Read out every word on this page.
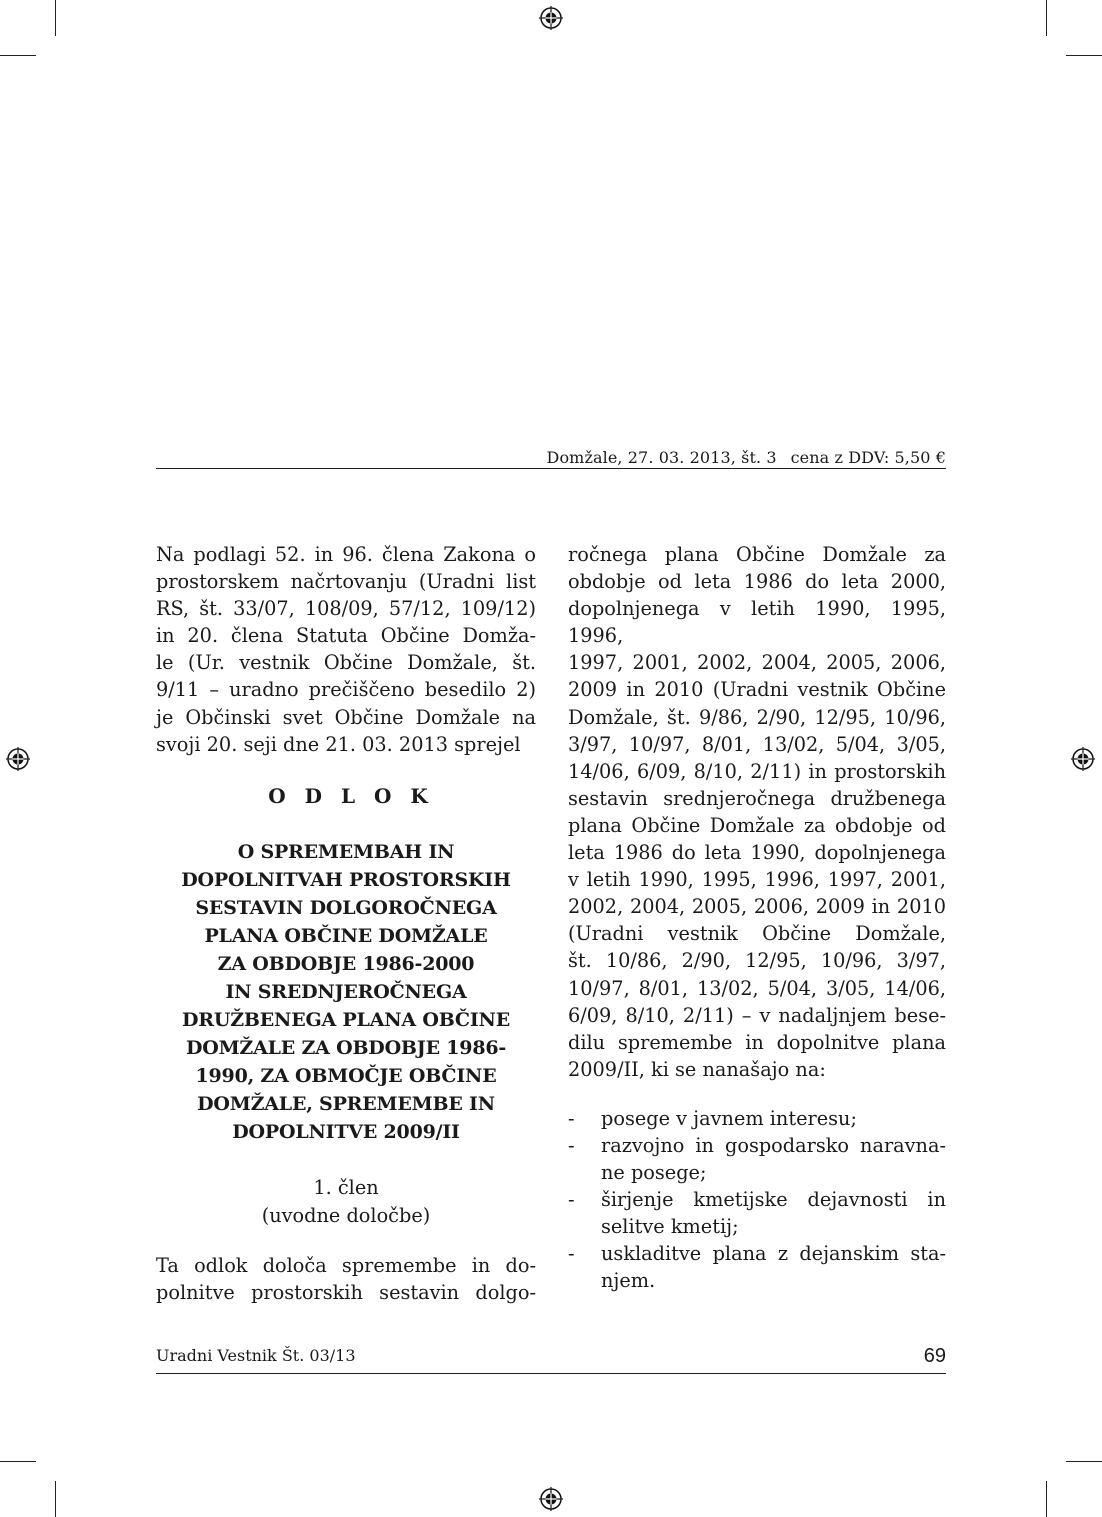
Domžale, 27. 03. 2013, št. 3 cena z DDV: 5,50 €

Na podlagi 52. in 96. člena Zakona o

prostorskem načrtovanju (Uradni list

RS, št. 33/07, 108/09, 57/12, 109/12)

in 20. člena Statuta Občine Domža-

le (Ur. vestnik Občine Domžale, št.

9/11 – uradno prečiščeno besedilo 2)

je Občinski svet Občine Domžale na

svoji 20. seji dne 21. 03. 2013 sprejel

O D L O K
O SPREMEMBAH IN
DOPOLNITVAH PROSTORSKIH
SESTAVIN DOLGOROČNEGA
PLANA OBČINE DOMŽALE
ZA OBDOBJE 1986-2000
IN SREDNJEROČNEGA
DRUŽBENEGA PLANA OBČINE
DOMŽALE ZA OBDOBJE 1986-
1990, ZA OBMOČJE OBČINE
DOMŽALE, SPREMEMBE IN
DOPOLNITVE 2009/II
1. člen
(uvodne določbe)

Ta odlok določa spremembe in do-

polnitve prostorskih sestavin dolgo-

ročnega plana Občine Domžale za

obdobje od leta 1986 do leta 2000,

dopolnjenega v letih 1990, 1995, 1996,

1997, 2001, 2002, 2004, 2005, 2006,

2009 in 2010 (Uradni vestnik Občine

Domžale, št. 9/86, 2/90, 12/95, 10/96,

3/97, 10/97, 8/01, 13/02, 5/04, 3/05,

14/06, 6/09, 8/10, 2/11) in prostorskih

sestavin srednjeročnega družbenega

plana Občine Domžale za obdobje od

leta 1986 do leta 1990, dopolnjenega

v letih 1990, 1995, 1996, 1997, 2001,

2002, 2004, 2005, 2006, 2009 in 2010

(Uradni vestnik Občine Domžale,

št. 10/86, 2/90, 12/95, 10/96, 3/97,

10/97, 8/01, 13/02, 5/04, 3/05, 14/06,

6/09, 8/10, 2/11) – v nadaljnjem bese-

dilu spremembe in dopolnitve plana

2009/II, ki se nanašajo na:

- posege v javnem interesu;
- razvojno in gospodarsko naravna-
ne posege;
- širjenje kmetijske dejavnosti in
selitve kmetij;
- uskladitve plana z dejanskim sta-
njem.
Uradni Vestnik Št. 03/13	69
